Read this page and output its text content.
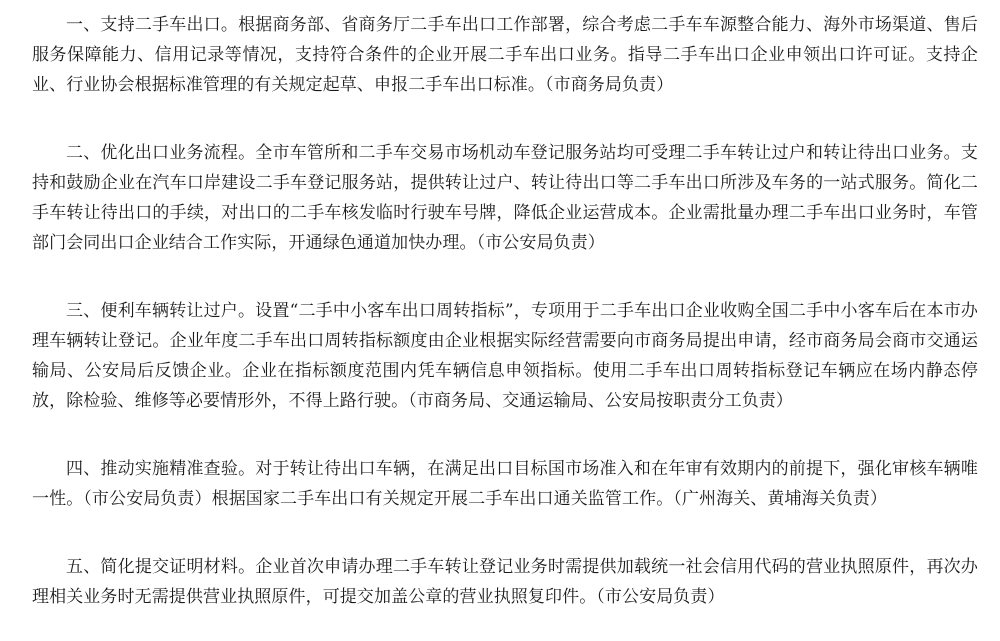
一、支持二手车出口。根据商务部、省商务厅二手车出口工作部署，综合考虑二手车车源整合能力、海外市场渠道、售后服务保障能力、信用记录等情况，支持符合条件的企业开展二手车出口业务。指导二手车出口企业申领出口许可证。支持企业、行业协会根据标准管理的有关规定起草、申报二手车出口标准。（市商务局负责）

二、优化出口业务流程。全市车管所和二手车交易市场机动车登记服务站均可受理二手车转让过户和转让待出口业务。支持和鼓励企业在汽车口岸建设二手车登记服务站，提供转让过户、转让待出口等二手车出口所涉及车务的一站式服务。简化二手车转让待出口的手续，对出口的二手车核发临时行驶车号牌，降低企业运营成本。企业需批量办理二手车出口业务时，车管部门会同出口企业结合工作实际，开通绿色通道加快办理。（市公安局负责）

三、便利车辆转让过户。设置“二手中小客车出口周转指标”，专项用于二手车出口企业收购全国二手中小客车后在本市办理车辆转让登记。企业年度二手车出口周转指标额度由企业根据实际经营需要向市商务局提出申请，经市商务局会商市交通运输局、公安局后反馈企业。企业在指标额度范围内凭车辆信息申领指标。使用二手车出口周转指标登记车辆应在场内静态停放，除检验、维修等必要情形外，不得上路行驶。（市商务局、交通运输局、公安局按职责分工负责）

四、推动实施精准查验。对于转让待出口车辆，在满足出口目标国市场准入和在年审有效期内的前提下，强化审核车辆唯一性。（市公安局负责）根据国家二手车出口有关规定开展二手车出口通关监管工作。（广州海关、黄埔海关负责）

五、简化提交证明材料。企业首次申请办理二手车转让登记业务时需提供加载统一社会信用代码的营业执照原件，再次办理相关业务时无需提供营业执照原件，可提交加盖公章的营业执照复印件。（市公安局负责）
